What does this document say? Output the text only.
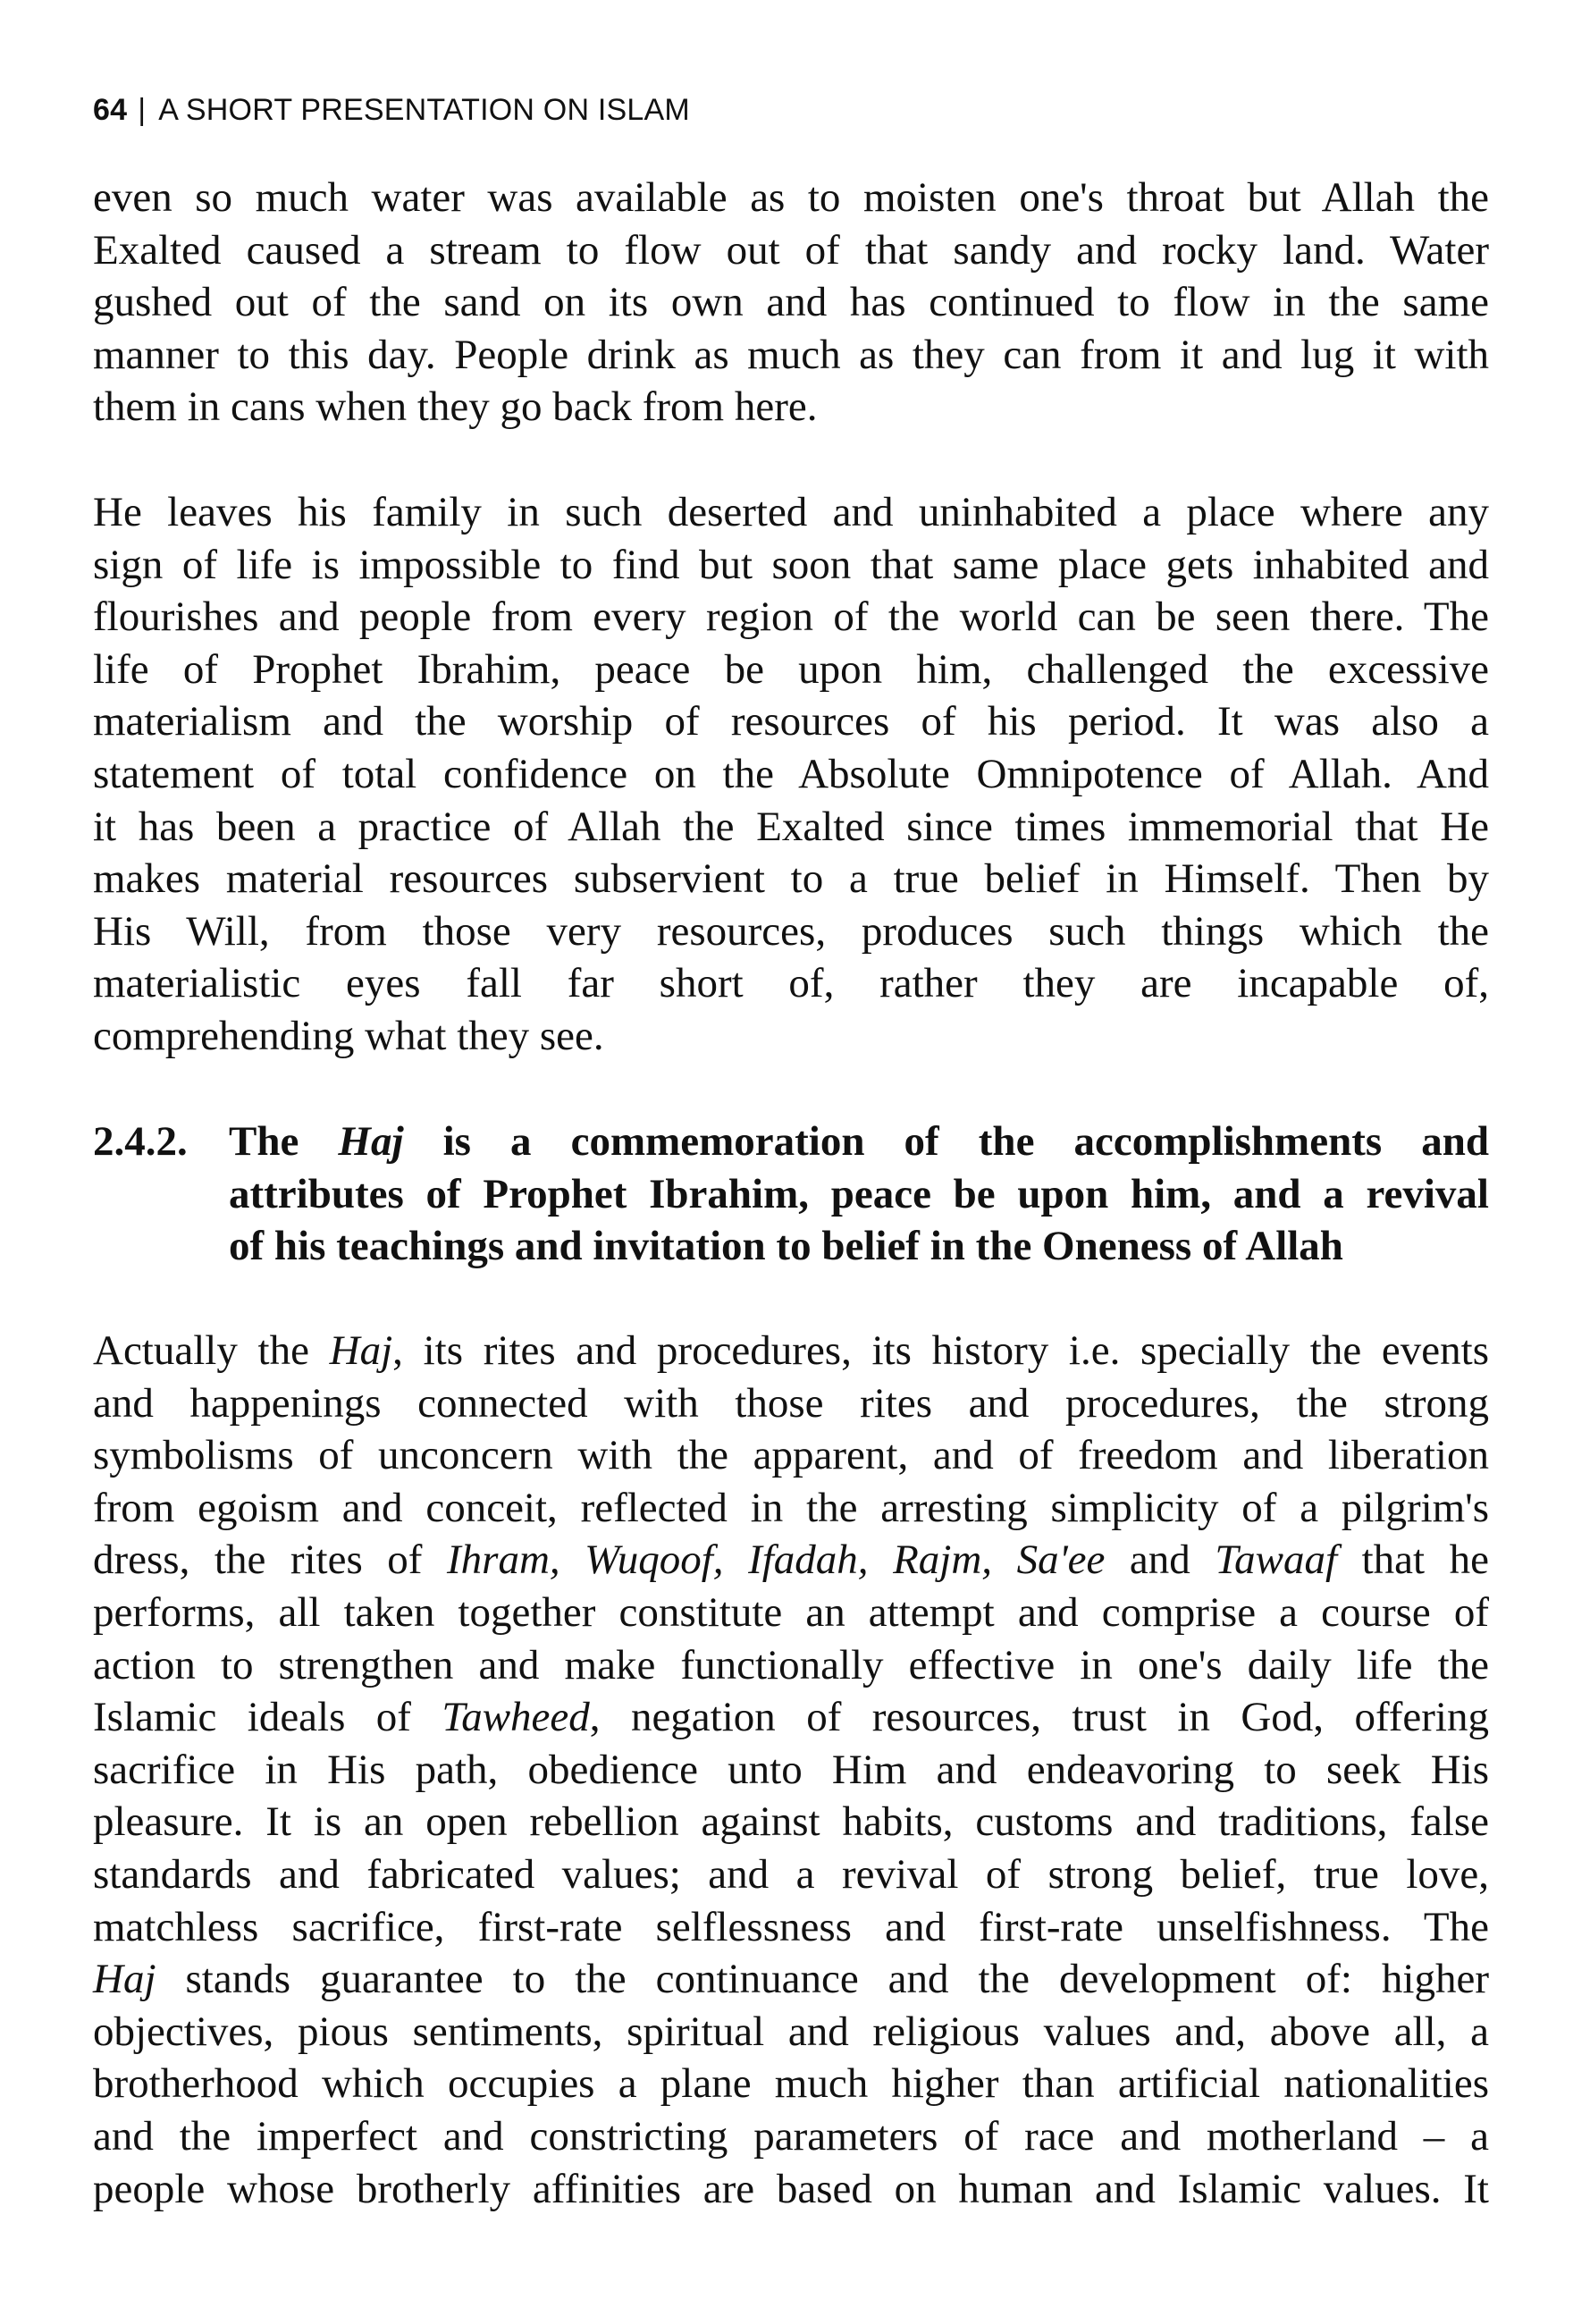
64 | A SHORT PRESENTATION ON ISLAM
even so much water was available as to moisten one's throat but Allah the
Exalted caused a stream to flow out of that sandy and rocky land. Water
gushed out of the sand on its own and has continued to flow in the same
manner to this day. People drink as much as they can from it and lug it with
them in cans when they go back from here.
He leaves his family in such deserted and uninhabited a place where any
sign of life is impossible to find but soon that same place gets inhabited and
flourishes and people from every region of the world can be seen there. The
life of Prophet Ibrahim, peace be upon him, challenged the excessive
materialism and the worship of resources of his period. It was also a
statement of total confidence on the Absolute Omnipotence of Allah. And
it has been a practice of Allah the Exalted since times immemorial that He
makes material resources subservient to a true belief in Himself. Then by
His Will, from those very resources, produces such things which the
materialistic eyes fall far short of, rather they are incapable of,
comprehending what they see.
2.4.2. The Haj is a commemoration of the accomplishments and
attributes of Prophet Ibrahim, peace be upon him, and a revival
of his teachings and invitation to belief in the Oneness of Allah
Actually the Haj, its rites and procedures, its history i.e. specially the events
and happenings connected with those rites and procedures, the strong
symbolisms of unconcern with the apparent, and of freedom and liberation
from egoism and conceit, reflected in the arresting simplicity of a pilgrim's
dress, the rites of Ihram, Wuqoof, Ifadah, Rajm, Sa'ee and Tawaaf that he
performs, all taken together constitute an attempt and comprise a course of
action to strengthen and make functionally effective in one's daily life the
Islamic ideals of Tawheed, negation of resources, trust in God, offering
sacrifice in His path, obedience unto Him and endeavoring to seek His
pleasure. It is an open rebellion against habits, customs and traditions, false
standards and fabricated values; and a revival of strong belief, true love,
matchless sacrifice, first-rate selflessness and first-rate unselfishness. The
Haj stands guarantee to the continuance and the development of: higher
objectives, pious sentiments, spiritual and religious values and, above all, a
brotherhood which occupies a plane much higher than artificial nationalities
and the imperfect and constricting parameters of race and motherland – a
people whose brotherly affinities are based on human and Islamic values. It
